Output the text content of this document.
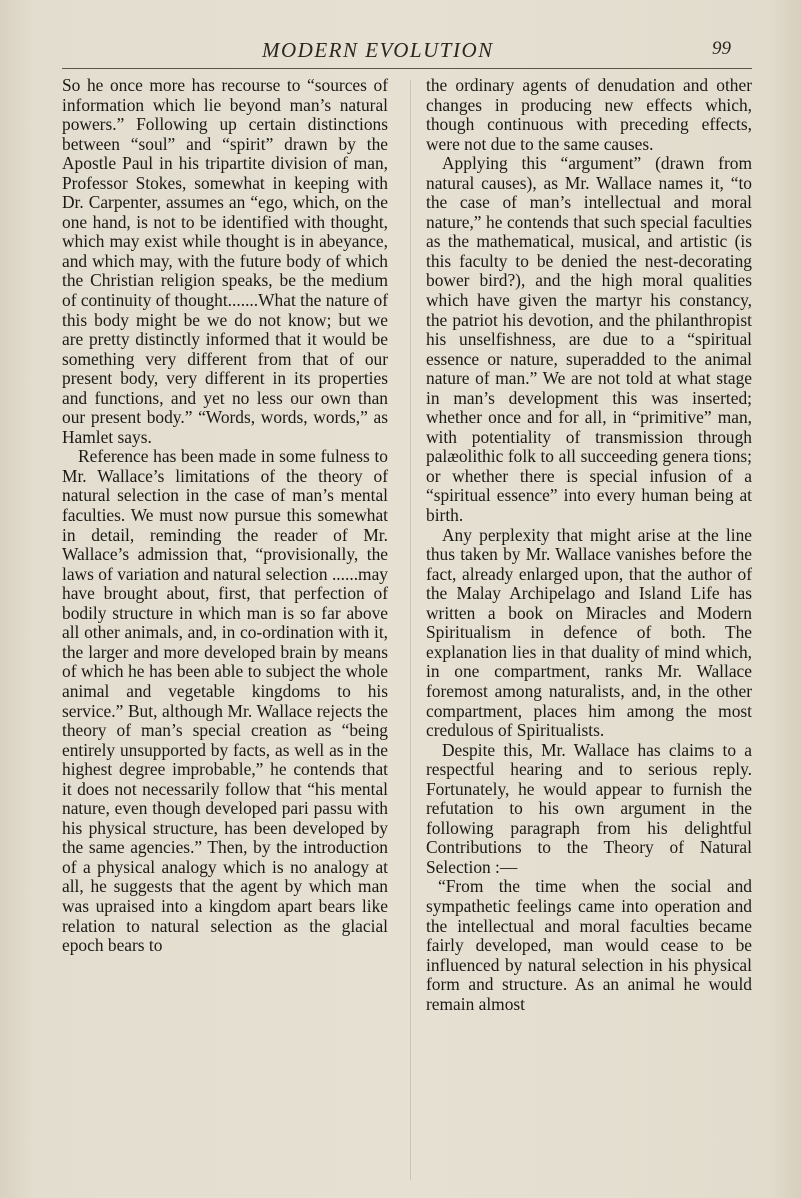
MODERN EVOLUTION	99

So he once more has recourse to “sources of information which lie beyond man’s natural powers.” Following up certain distinctions between “soul” and “spirit” drawn by the Apostle Paul in his tripartite division of man, Professor Stokes, somewhat in keeping with Dr. Carpenter, assumes an “ego, which, on the one hand, is not to be identified with thought, which may exist while thought is in abeyance, and which may, with the future body of which the Christian religion speaks, be the medium of continuity of thought.......What the nature of this body might be we do not know; but we are pretty distinctly informed that it would be something very different from that of our present body, very different in its properties and functions, and yet no less our own than our present body.” “Words, words, words,” as Hamlet says.

Reference has been made in some fulness to Mr. Wallace’s limitations of the theory of natural selection in the case of man’s mental faculties. We must now pursue this somewhat in detail, reminding the reader of Mr. Wallace’s admission that, “provisionally, the laws of variation and natural selection ......may have brought about, first, that perfection of bodily structure in which man is so far above all other animals, and, in co-ordination with it, the larger and more developed brain by means of which he has been able to subject the whole animal and vegetable kingdoms to his service.” But, although Mr. Wallace rejects the theory of man’s special creation as “being entirely unsupported by facts, as well as in the highest degree improbable,” he contends that it does not necessarily follow that “his mental nature, even though developed pari passu with his physical structure, has been developed by the same agencies.” Then, by the introduction of a physical analogy which is no analogy at all, he suggests that the agent by which man was upraised into a kingdom apart bears like relation to natural selection as the glacial epoch bears to

the ordinary agents of denudation and other changes in producing new effects which, though continuous with preceding effects, were not due to the same causes.

Applying this “argument” (drawn from natural causes), as Mr. Wallace names it, “to the case of man’s intellectual and moral nature,” he contends that such special faculties as the mathematical, musical, and artistic (is this faculty to be denied the nest-decorating bower bird?), and the high moral qualities which have given the martyr his constancy, the patriot his devotion, and the philanthropist his unselfishness, are due to a “spiritual essence or nature, superadded to the animal nature of man.” We are not told at what stage in man’s development this was inserted; whether once and for all, in “primitive” man, with potentiality of transmission through palæolithic folk to all succeeding genera tions; or whether there is special infusion of a “spiritual essence” into every human being at birth.

Any perplexity that might arise at the line thus taken by Mr. Wallace vanishes before the fact, already enlarged upon, that the author of the Malay Archipelago and Island Life has written a book on Miracles and Modern Spiritualism in defence of both. The explanation lies in that duality of mind which, in one compartment, ranks Mr. Wallace foremost among naturalists, and, in the other compartment, places him among the most credulous of Spiritualists.

Despite this, Mr. Wallace has claims to a respectful hearing and to serious reply. Fortunately, he would appear to furnish the refutation to his own argument in the following paragraph from his delightful Contributions to the Theory of Natural Selection :—

“From the time when the social and sympathetic feelings came into operation and the intellectual and moral faculties became fairly developed, man would cease to be influenced by natural selection in his physical form and structure. As an animal he would remain almost
